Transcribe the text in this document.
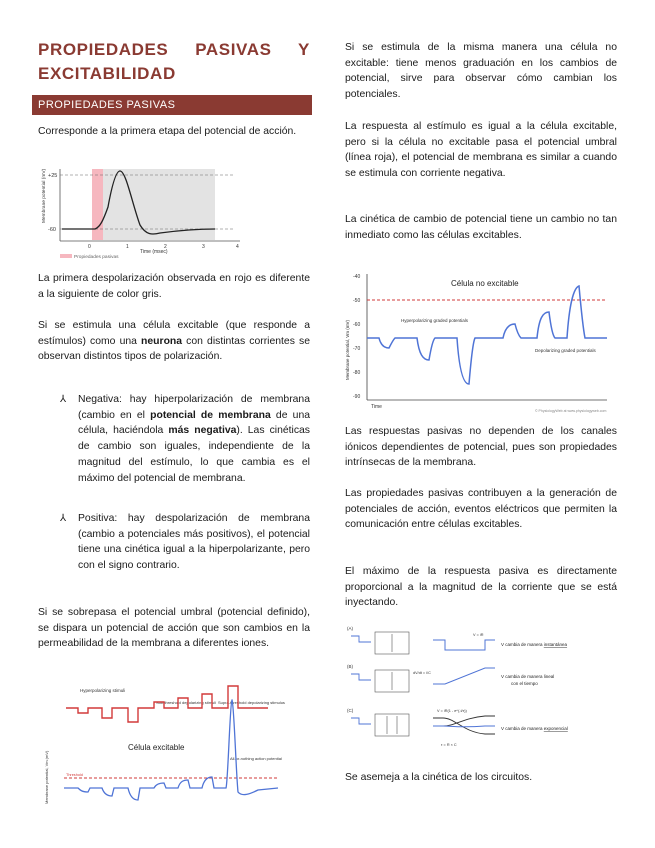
PROPIEDADES PASIVAS Y
EXCITABILIDAD
PROPIEDADES PASIVAS

Corresponde a la primera etapa del potencial de acción.

+25
-60
Membrane potential (mV)
0	1	2	3	4
Time (msec)
Propiedades pasivas

La primera despolarización observada en rojo es diferente a la siguiente de color gris.

Si se estimula una célula excitable (que responde a estímulos) como una neurona con distintas corrientes se observan distintos tipos de polarización.

⅄ Negativa: hay hiperpolarización de membrana (cambio en el potencial de membrana de una célula, haciéndola más negativa). Las cinéticas de cambio son iguales, independiente de la magnitud del estímulo, lo que cambia es el máximo del potencial de membrana.
⅄ Positiva: hay despolarización de membrana (cambio a potenciales más positivos), el potencial tiene una cinética igual a la hiperpolarizante, pero con el signo contrario.

Si se sobrepasa el potencial umbral (potencial definido), se dispara un potencial de acción que son cambios en la permeabilidad de la membrana a diferentes iones.

Hyperpolarizing stimuli
Sub-threshold depolarizing stimuli Supra-threshold depolarizing stimulus
Célula excitable
All-or-nothing action potential
Threshold
Membrane potential, Vm (mV)

Si se estimula de la misma manera una célula no excitable: tiene menos graduación en los cambios de potencial, sirve para observar cómo cambian los potenciales.

La respuesta al estímulo es igual a la célula excitable, pero si la célula no excitable pasa el potencial umbral (línea roja), el potencial de membrana es similar a cuando se estimula con corriente negativa.

La cinética de cambio de potencial tiene un cambio no tan inmediato como las células excitables.

-40
-50
-60
-70
-80
-90
Membrane potential, Vm (mV)
Célula no excitable
Hyperpolarizing graded potentials
Depolarizing graded potentials
Time
© PhysiologyWeb at www.physiologyweb.com

Las respuestas pasivas no dependen de los canales iónicos dependientes de potencial, pues son propiedades intrínsecas de la membrana.

Las propiedades pasivas contribuyen a la generación de potenciales de acción, eventos eléctricos que permiten la comunicación entre células excitables.

El máximo de la respuesta pasiva es directamente proporcional a la magnitud de la corriente que se está inyectando.

(A)
(B)
(C)
V = iR
V cambia de manera instantánea
dV/dt = i/C
V cambia de manera lineal
con el tiempo
V = iR(1 - e^(-t/τ))
V cambia de manera exponencial
τ = R × C

Se asemeja a la cinética de los circuitos.
